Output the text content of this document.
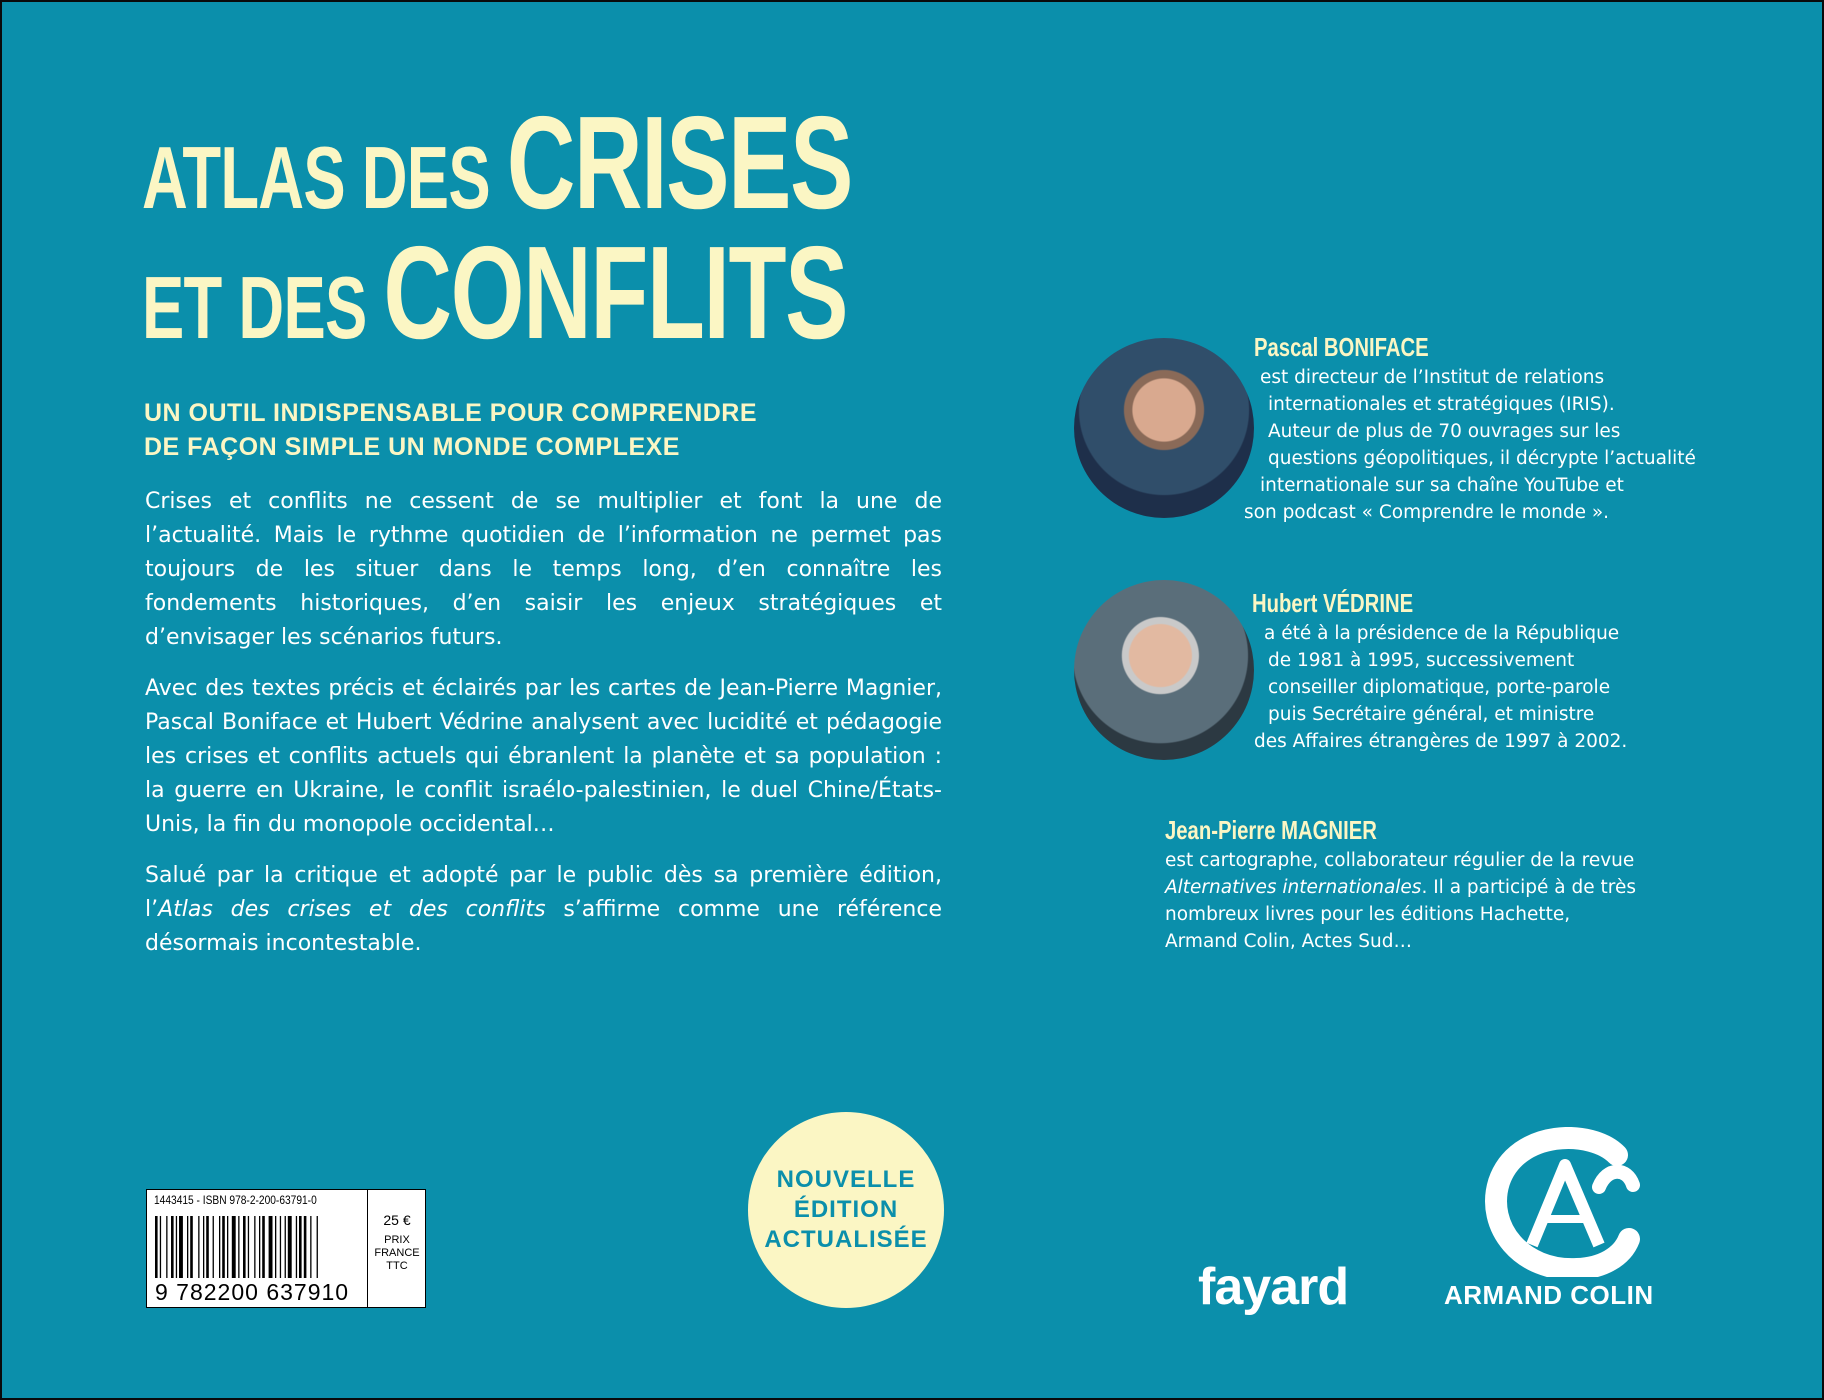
ATLAS DES CRISES
ET DES CONFLITS
UN OUTIL INDISPENSABLE POUR COMPRENDRE
DE FAÇON SIMPLE UN MONDE COMPLEXE

Crises et conflits ne cessent de se multiplier et font la une de l’actualité. Mais le rythme quotidien de l’information ne permet pas toujours de les situer dans le temps long, d’en connaître les fondements historiques, d’en saisir les enjeux stratégiques et d’envisager les scénarios futurs.

Avec des textes précis et éclairés par les cartes de Jean-Pierre Magnier, Pascal Boniface et Hubert Védrine analysent avec lucidité et pédagogie les crises et conflits actuels qui ébranlent la planète et sa population : la guerre en Ukraine, le conflit israélo-palestinien, le duel Chine/États-Unis, la fin du monopole occidental…

Salué par la critique et adopté par le public dès sa première édition, l’Atlas des crises et des conflits s’affirme comme une référence désormais incontestable.

Pascal BONIFACE
est directeur de l’Institut de relations
internationales et stratégiques (IRIS).
Auteur de plus de 70 ouvrages sur les
questions géopolitiques, il décrypte l’actualité
internationale sur sa chaîne YouTube et
son podcast « Comprendre le monde ».
Hubert VÉDRINE
a été à la présidence de la République
de 1981 à 1995, successivement
conseiller diplomatique, porte-parole
puis Secrétaire général, et ministre
des Affaires étrangères de 1997 à 2002.
Jean-Pierre MAGNIER
est cartographe, collaborateur régulier de la revue
Alternatives internationales. Il a participé à de très
nombreux livres pour les éditions Hachette,
Armand Colin, Actes Sud…
1443415 - ISBN 978-2-200-63791-0
9 782200 637910
25 €
PRIX
FRANCE
TTC
NOUVELLE
ÉDITION
ACTUALISÉE
fayard	ARMAND COLIN
